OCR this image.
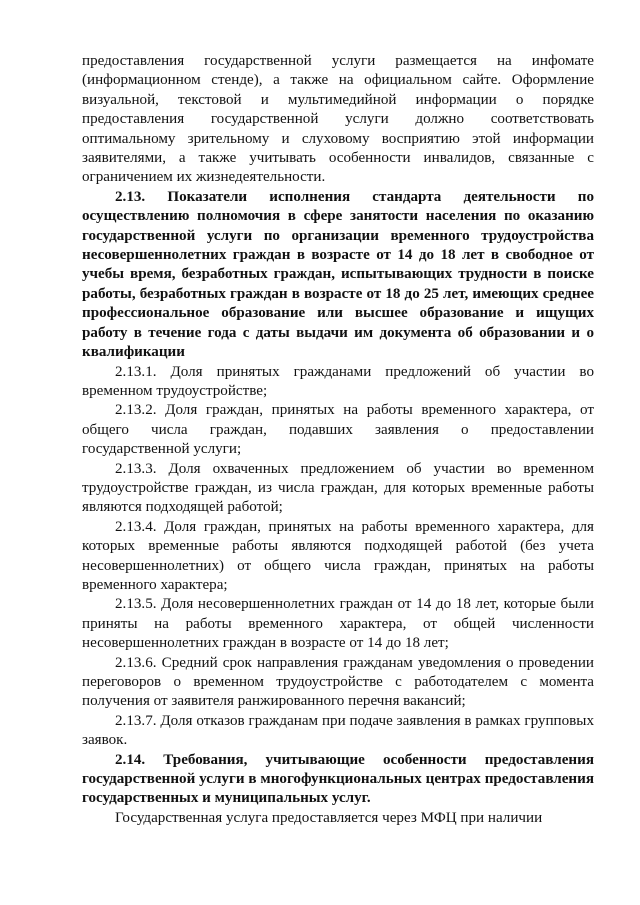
предоставления государственной услуги размещается на инфомате (информационном стенде), а также на официальном сайте. Оформление визуальной, текстовой и мультимедийной информации о порядке предоставления государственной услуги должно соответствовать оптимальному зрительному и слуховому восприятию этой информации заявителями, а также учитывать особенности инвалидов, связанные с ограничением их жизнедеятельности.

2.13. Показатели исполнения стандарта деятельности по осуществлению полномочия в сфере занятости населения по оказанию государственной услуги по организации временного трудоустройства несовершеннолетних граждан в возрасте от 14 до 18 лет в свободное от учебы время, безработных граждан, испытывающих трудности в поиске работы, безработных граждан в возрасте от 18 до 25 лет, имеющих среднее профессиональное образование или высшее образование и ищущих работу в течение года с даты выдачи им документа об образовании и о квалификации

2.13.1. Доля принятых гражданами предложений об участии во временном трудоустройстве;

2.13.2. Доля граждан, принятых на работы временного характера, от общего числа граждан, подавших заявления о предоставлении государственной услуги;

2.13.3. Доля охваченных предложением об участии во временном трудоустройстве граждан, из числа граждан, для которых временные работы являются подходящей работой;

2.13.4. Доля граждан, принятых на работы временного характера, для которых временные работы являются подходящей работой (без учета несовершеннолетних) от общего числа граждан, принятых на работы временного характера;

2.13.5. Доля несовершеннолетних граждан от 14 до 18 лет, которые были приняты на работы временного характера, от общей численности несовершеннолетних граждан в возрасте от 14 до 18 лет;

2.13.6. Средний срок направления гражданам уведомления о проведении переговоров о временном трудоустройстве с работодателем с момента получения от заявителя ранжированного перечня вакансий;

2.13.7. Доля отказов гражданам при подаче заявления в рамках групповых заявок.

2.14. Требования, учитывающие особенности предоставления государственной услуги в многофункциональных центрах предоставления государственных и муниципальных услуг.

Государственная услуга предоставляется через МФЦ при наличии
